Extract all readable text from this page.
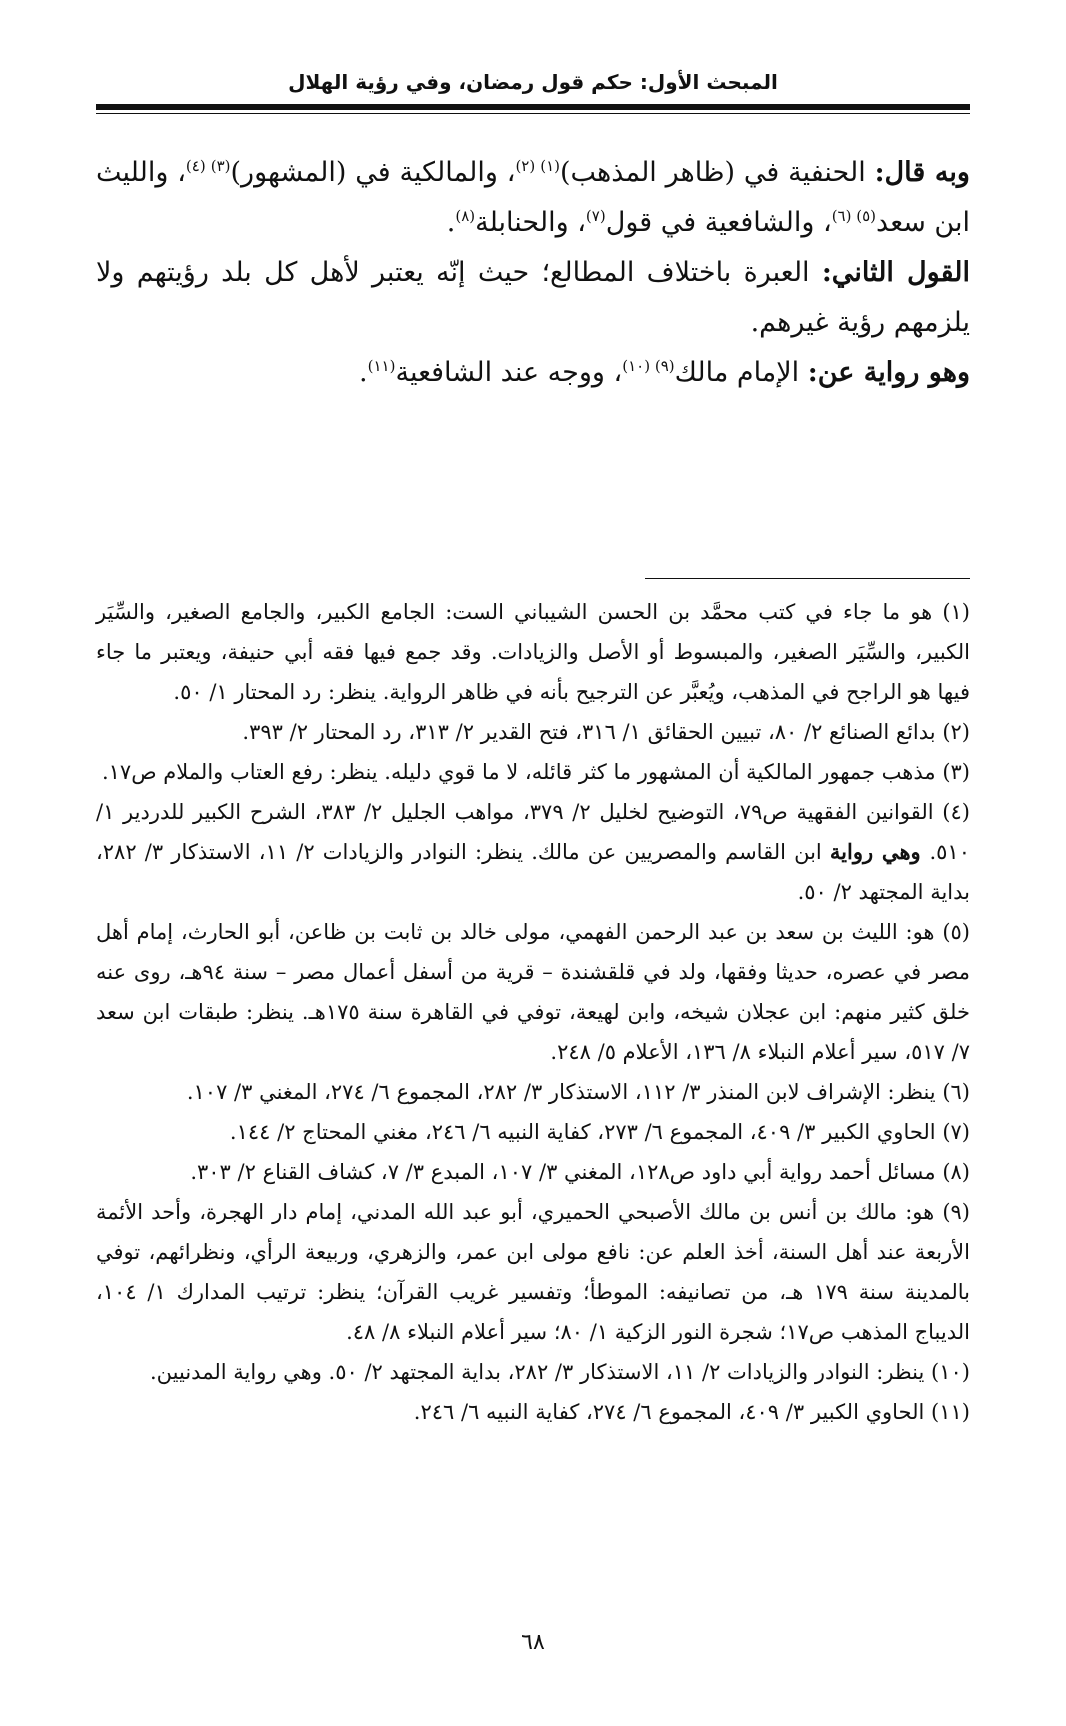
المبحث الأول: حكم قول رمضان، وفي رؤية الهلال

وبه قال: الحنفية في (ظاهر المذهب)$^{(١) (٢)}$، والمالكية في (المشهور)$^{(٣) (٤)}$، والليث ابن سعد$^{(٥) (٦)}$، والشافعية في قول$^{(٧)}$، والحنابلة$^{(٨)}$.

القول الثاني: العبرة باختلاف المطالع؛ حيث إنّه يعتبر لأهل كل بلد رؤيتهم ولا يلزمهم رؤية غيرهم.

وهو رواية عن: الإمام مالك$^{(٩) (١٠)}$، ووجه عند الشافعية$^{(١١)}$.

(١) هو ما جاء في كتب محمَّد بن الحسن الشيباني الست: الجامع الكبير، والجامع الصغير، والسِّيَر الكبير، والسِّيَر الصغير، والمبسوط أو الأصل والزيادات. وقد جمع فيها فقه أبي حنيفة، ويعتبر ما جاء فيها هو الراجح في المذهب، ويُعبَّر عن الترجيح بأنه في ظاهر الرواية. ينظر: رد المحتار ١/ ٥٠.

(٢) بدائع الصنائع ٢/ ٨٠، تبيين الحقائق ١/ ٣١٦، فتح القدير ٢/ ٣١٣، رد المحتار ٢/ ٣٩٣.

(٣) مذهب جمهور المالكية أن المشهور ما كثر قائله، لا ما قوي دليله. ينظر: رفع العتاب والملام ص١٧.

(٤) القوانين الفقهية ص٧٩، التوضيح لخليل ٢/ ٣٧٩، مواهب الجليل ٢/ ٣٨٣، الشرح الكبير للدردير ١/ ٥١٠. وهي رواية ابن القاسم والمصريين عن مالك. ينظر: النوادر والزيادات ٢/ ١١، الاستذكار ٣/ ٢٨٢، بداية المجتهد ٢/ ٥٠.

(٥) هو: الليث بن سعد بن عبد الرحمن الفهمي، مولى خالد بن ثابت بن ظاعن، أبو الحارث، إمام أهل مصر في عصره، حديثا وفقها، ولد في قلقشندة – قرية من أسفل أعمال مصر – سنة ٩٤هـ، روى عنه خلق كثير منهم: ابن عجلان شيخه، وابن لهيعة، توفي في القاهرة سنة ١٧٥هـ. ينظر: طبقات ابن سعد ٧/ ٥١٧، سير أعلام النبلاء ٨/ ١٣٦، الأعلام ٥/ ٢٤٨.

(٦) ينظر: الإشراف لابن المنذر ٣/ ١١٢، الاستذكار ٣/ ٢٨٢، المجموع ٦/ ٢٧٤، المغني ٣/ ١٠٧.

(٧) الحاوي الكبير ٣/ ٤٠٩، المجموع ٦/ ٢٧٣، كفاية النبيه ٦/ ٢٤٦، مغني المحتاج ٢/ ١٤٤.

(٨) مسائل أحمد رواية أبي داود ص١٢٨، المغني ٣/ ١٠٧، المبدع ٣/ ٧، كشاف القناع ٢/ ٣٠٣.

(٩) هو: مالك بن أنس بن مالك الأصبحي الحميري، أبو عبد الله المدني، إمام دار الهجرة، وأحد الأئمة الأربعة عند أهل السنة، أخذ العلم عن: نافع مولى ابن عمر، والزهري، وربيعة الرأي، ونظرائهم، توفي بالمدينة سنة ١٧٩ هـ، من تصانيفه: الموطأ؛ وتفسير غريب القرآن؛ ينظر: ترتيب المدارك ١/ ١٠٤، الديباج المذهب ص١٧؛ شجرة النور الزكية ١/ ٨٠؛ سير أعلام النبلاء ٨/ ٤٨.

(١٠) ينظر: النوادر والزيادات ٢/ ١١، الاستذكار ٣/ ٢٨٢، بداية المجتهد ٢/ ٥٠. وهي رواية المدنيين.

(١١) الحاوي الكبير ٣/ ٤٠٩، المجموع ٦/ ٢٧٤، كفاية النبيه ٦/ ٢٤٦.

٦٨
